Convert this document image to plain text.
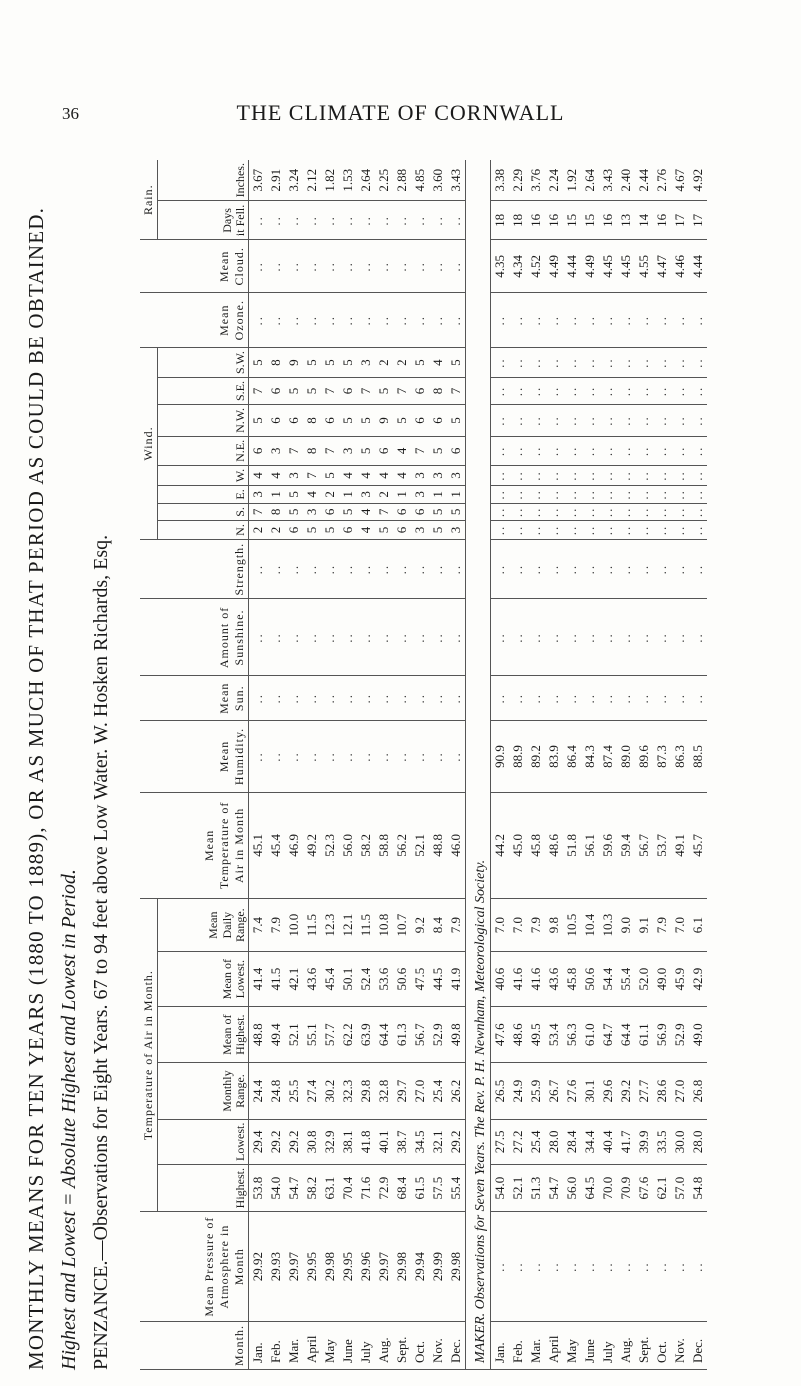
36	THE CLIMATE OF CORNWALL
MONTHLY MEANS FOR TEN YEARS (1880 TO 1889), OR AS MUCH OF THAT PERIOD AS COULD BE OBTAINED. Highest and Lowest = Absolute Highest and Lowest in Period. PENZANCE.—Observations for Eight Years. 67 to 94 feet above Low Water. W. Hosken Richards, Esq.	Month.	Mean Pressure of Atmosphere in Month	Temperature of Air in Month.						Mean Temperature of Air in Month	Mean Humidity.	Mean Sun.	Amount of Sunshine.	Strength.	Wind.								Mean Ozone.	Mean Cloud.	Rain.	
		Highest.	Lowest.	Monthly Range.	Mean of Highest.	Mean of Lowest.	Mean Daily Range.						N.	S.	E.	W.	N.E.	N.W.	S.E.	S.W.			Days it Fell.	Inches.
Jan.	29.92	53.8	29.4	24.4	48.8	41.4	7.4	45.1	..	..	..	..	2	7	3	4	6	5	7	5	..	..	..	3.67
Feb.	29.93	54.0	29.2	24.8	49.4	41.5	7.9	45.4	..	..	..	..	2	8	1	4	3	6	6	8	..	..	..	2.91
Mar.	29.97	54.7	29.2	25.5	52.1	42.1	10.0	46.9	..	..	..	..	6	5	5	3	7	6	5	9	..	..	..	3.24
April	29.95	58.2	30.8	27.4	55.1	43.6	11.5	49.2	..	..	..	..	5	3	4	7	8	8	5	5	..	..	..	2.12
May	29.98	63.1	32.9	30.2	57.7	45.4	12.3	52.3	..	..	..	..	5	6	2	5	7	6	7	5	..	..	..	1.82
June	29.95	70.4	38.1	32.3	62.2	50.1	12.1	56.0	..	..	..	..	6	5	1	4	3	5	6	5	..	..	..	1.53
July	29.96	71.6	41.8	29.8	63.9	52.4	11.5	58.2	..	..	..	..	4	4	3	4	5	5	7	3	..	..	..	2.64
Aug.	29.97	72.9	40.1	32.8	64.4	53.6	10.8	58.8	..	..	..	..	5	7	2	4	6	9	5	2	..	..	..	2.25
Sept.	29.98	68.4	38.7	29.7	61.3	50.6	10.7	56.2	..	..	..	..	6	6	1	4	4	5	7	2	..	..	..	2.88
Oct.	29.94	61.5	34.5	27.0	56.7	47.5	9.2	52.1	..	..	..	..	3	6	3	3	7	6	6	5	..	..	..	4.85
Nov.	29.99	57.5	32.1	25.4	52.9	44.5	8.4	48.8	..	..	..	..	5	5	1	3	5	6	8	4	..	..	..	3.60
Dec.	29.98	55.4	29.2	26.2	49.8	41.9	7.9	46.0	..	..	..	..	3	5	1	3	6	5	7	5	..	..	..	3.43
MAKER. Observations for Seven Years. The Rev. P. H. Newnham, Meteorological Society.																								
Jan.	..	54.0	27.5	26.5	47.6	40.6	7.0	44.2	90.9	..	..	..	..	..	..	..	..	..	..	..	..	4.35	18	3.38
Feb.	..	52.1	27.2	24.9	48.6	41.6	7.0	45.0	88.9	..	..	..	..	..	..	..	..	..	..	..	..	4.34	18	2.29
Mar.	..	51.3	25.4	25.9	49.5	41.6	7.9	45.8	89.2	..	..	..	..	..	..	..	..	..	..	..	..	4.52	16	3.76
April	..	54.7	28.0	26.7	53.4	43.6	9.8	48.6	83.9	..	..	..	..	..	..	..	..	..	..	..	..	4.49	16	2.24
May	..	56.0	28.4	27.6	56.3	45.8	10.5	51.8	86.4	..	..	..	..	..	..	..	..	..	..	..	..	4.44	15	1.92
June	..	64.5	34.4	30.1	61.0	50.6	10.4	56.1	84.3	..	..	..	..	..	..	..	..	..	..	..	..	4.49	15	2.64
July	..	70.0	40.4	29.6	64.7	54.4	10.3	59.6	87.4	..	..	..	..	..	..	..	..	..	..	..	..	4.45	16	3.43
Aug.	..	70.9	41.7	29.2	64.4	55.4	9.0	59.4	89.0	..	..	..	..	..	..	..	..	..	..	..	..	4.45	13	2.40
Sept.	..	67.6	39.9	27.7	61.1	52.0	9.1	56.7	89.6	..	..	..	..	..	..	..	..	..	..	..	..	4.55	14	2.44
Oct.	..	62.1	33.5	28.6	56.9	49.0	7.9	53.7	87.3	..	..	..	..	..	..	..	..	..	..	..	..	4.47	16	2.76
Nov.	..	57.0	30.0	27.0	52.9	45.9	7.0	49.1	86.3	..	..	..	..	..	..	..	..	..	..	..	..	4.46	17	4.67
Dec.	..	54.8	28.0	26.8	49.0	42.9	6.1	45.7	88.5	..	..	..	..	..	..	..	..	..	..	..	..	4.44	17	4.92
